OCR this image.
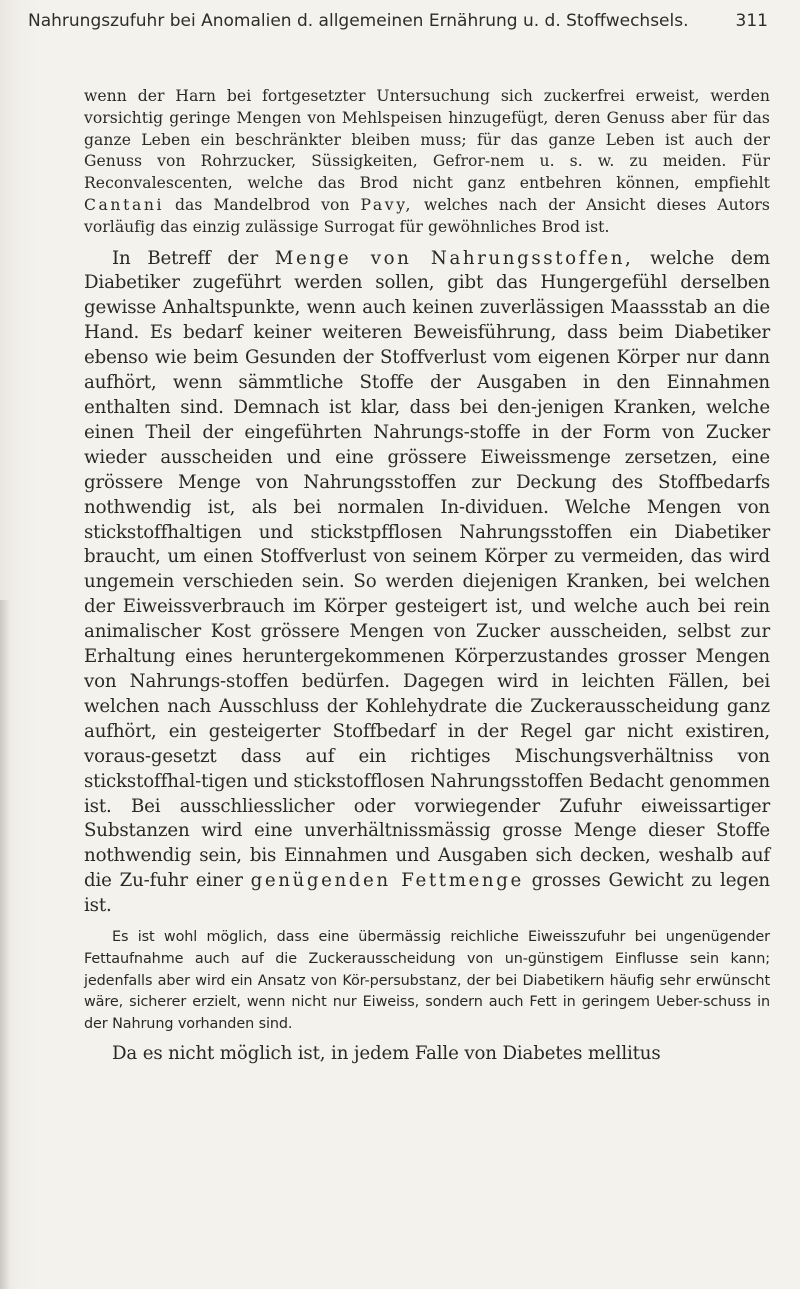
Nahrungszufuhr bei Anomalien d. allgemeinen Ernährung u. d. Stoffwechsels.	311

wenn der Harn bei fortgesetzter Untersuchung sich zuckerfrei erweist, werden vorsichtig geringe Mengen von Mehlspeisen hinzugefügt, deren Genuss aber für das ganze Leben ein beschränkter bleiben muss; für das ganze Leben ist auch der Genuss von Rohrzucker, Süssigkeiten, Gefror-nem u. s. w. zu meiden. Für Reconvalescenten, welche das Brod nicht ganz entbehren können, empfiehlt Cantani das Mandelbrod von Pavy, welches nach der Ansicht dieses Autors vorläufig das einzig zulässige Surrogat für gewöhnliches Brod ist.

In Betreff der Menge von Nahrungsstoffen, welche dem Diabetiker zugeführt werden sollen, gibt das Hungergefühl derselben gewisse Anhaltspunkte, wenn auch keinen zuverlässigen Maassstab an die Hand. Es bedarf keiner weiteren Beweisführung, dass beim Diabetiker ebenso wie beim Gesunden der Stoffverlust vom eigenen Körper nur dann aufhört, wenn sämmtliche Stoffe der Ausgaben in den Einnahmen enthalten sind. Demnach ist klar, dass bei den-jenigen Kranken, welche einen Theil der eingeführten Nahrungs-stoffe in der Form von Zucker wieder ausscheiden und eine grössere Eiweissmenge zersetzen, eine grössere Menge von Nahrungsstoffen zur Deckung des Stoffbedarfs nothwendig ist, als bei normalen In-dividuen. Welche Mengen von stickstoffhaltigen und stickstpfflosen Nahrungsstoffen ein Diabetiker braucht, um einen Stoffverlust von seinem Körper zu vermeiden, das wird ungemein verschieden sein. So werden diejenigen Kranken, bei welchen der Eiweissverbrauch im Körper gesteigert ist, und welche auch bei rein animalischer Kost grössere Mengen von Zucker ausscheiden, selbst zur Erhaltung eines heruntergekommenen Körperzustandes grosser Mengen von Nahrungs-stoffen bedürfen. Dagegen wird in leichten Fällen, bei welchen nach Ausschluss der Kohlehydrate die Zuckerausscheidung ganz aufhört, ein gesteigerter Stoffbedarf in der Regel gar nicht existiren, voraus-gesetzt dass auf ein richtiges Mischungsverhältniss von stickstoffhal-tigen und stickstofflosen Nahrungsstoffen Bedacht genommen ist. Bei ausschliesslicher oder vorwiegender Zufuhr eiweissartiger Substanzen wird eine unverhältnissmässig grosse Menge dieser Stoffe nothwendig sein, bis Einnahmen und Ausgaben sich decken, weshalb auf die Zu-fuhr einer genügenden Fettmenge grosses Gewicht zu legen ist.

Es ist wohl möglich, dass eine übermässig reichliche Eiweisszufuhr bei ungenügender Fettaufnahme auch auf die Zuckerausscheidung von un-günstigem Einflusse sein kann; jedenfalls aber wird ein Ansatz von Kör-persubstanz, der bei Diabetikern häufig sehr erwünscht wäre, sicherer erzielt, wenn nicht nur Eiweiss, sondern auch Fett in geringem Ueber-schuss in der Nahrung vorhanden sind.

Da es nicht möglich ist, in jedem Falle von Diabetes mellitus
